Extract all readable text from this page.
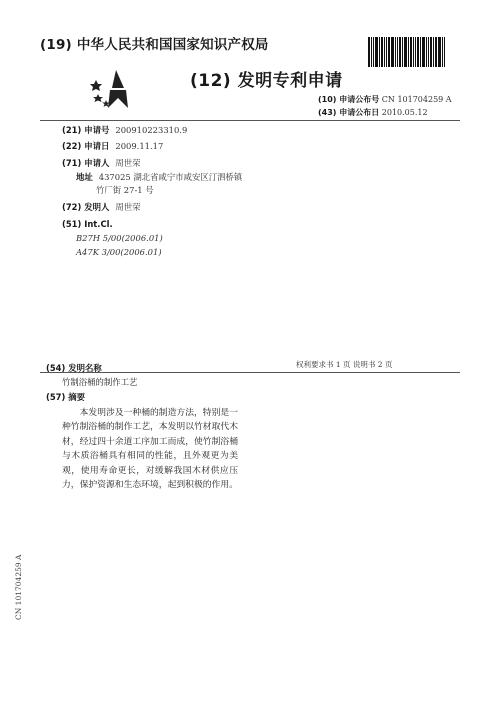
(19) 中华人民共和国国家知识产权局
(12) 发明专利申请
(10) 申请公布号 CN 101704259 A
(43) 申请公布日 2010.05.12
(21) 申请号 200910223310.9
(22) 申请日 2009.11.17
(71) 申请人 周世荣
地址 437025 湖北省咸宁市咸安区汀泗桥镇
竹厂街 27-1 号
(72) 发明人 周世荣
(51) Int.Cl.
B27H 5/00(2006.01)
A47K 3/00(2006.01)
权利要求书 1 页 说明书 2 页
(54) 发明名称
竹制浴桶的制作工艺
(57) 摘要
本发明涉及一种桶的制造方法，特别是一种竹制浴桶的制作工艺，本发明以竹材取代木材，经过四十余道工序加工而成，使竹制浴桶与木质浴桶具有相同的性能，且外观更为美观，使用寿命更长，对缓解我国木材供应压力，保护资源和生态环境，起到积极的作用。
CN 101704259 A
